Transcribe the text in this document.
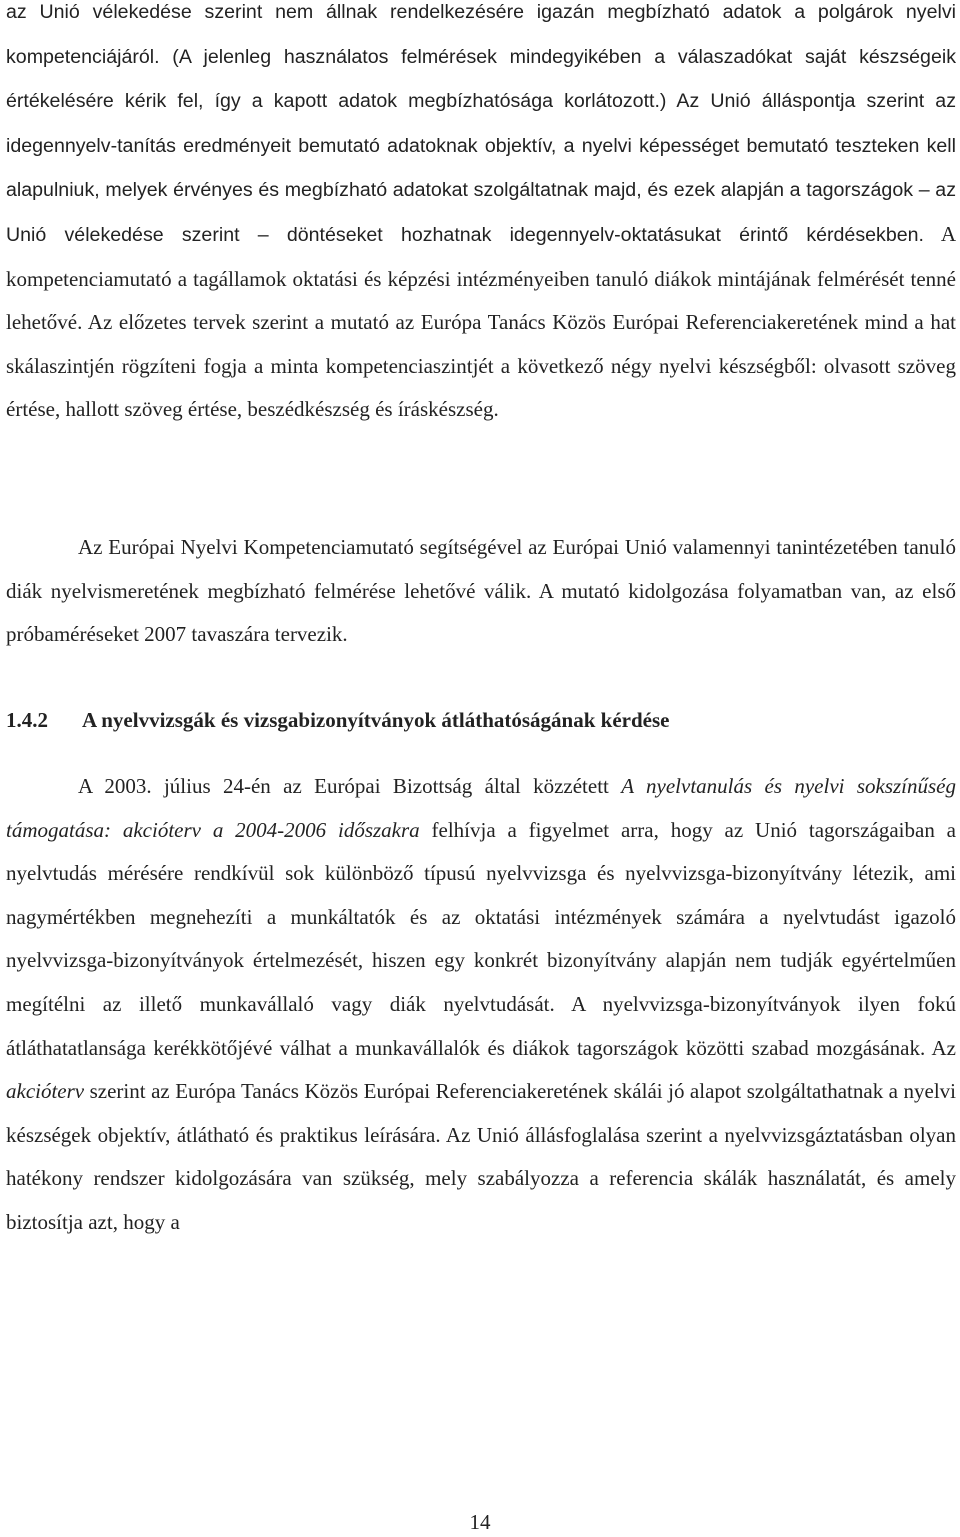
az Unió vélekedése szerint nem állnak rendelkezésére igazán megbízható adatok a polgárok nyelvi kompetenciájáról. (A jelenleg használatos felmérések mindegyikében a válaszadókat saját készségeik értékelésére kérik fel, így a kapott adatok megbízhatósága korlátozott.) Az Unió álláspontja szerint az idegennyelv-tanítás eredményeit bemutató adatoknak objektív, a nyelvi képességet bemutató teszteken kell alapulniuk, melyek érvényes és megbízható adatokat szolgáltatnak majd, és ezek alapján a tagországok – az Unió vélekedése szerint – döntéseket hozhatnak idegennyelv-oktatásukat érintő kérdésekben. A kompetenciamutató a tagállamok oktatási és képzési intézményeiben tanuló diákok mintájának felmérését tenné lehetővé. Az előzetes tervek szerint a mutató az Európa Tanács Közös Európai Referenciakeretének mind a hat skálaszintjén rögzíteni fogja a minta kompetenciaszintjét a következő négy nyelvi készségből: olvasott szöveg értése, hallott szöveg értése, beszédkészség és íráskészség.

Az Európai Nyelvi Kompetenciamutató segítségével az Európai Unió valamennyi tanintézetében tanuló diák nyelvismeretének megbízható felmérése lehetővé válik. A mutató kidolgozása folyamatban van, az első próbaméréseket 2007 tavaszára tervezik.

1.4.2 A nyelvvizsgák és vizsgabizonyítványok átláthatóságának kérdése

A 2003. július 24-én az Európai Bizottság által közzétett A nyelvtanulás és nyelvi sokszínűség támogatása: akcióterv a 2004-2006 időszakra felhívja a figyelmet arra, hogy az Unió tagországaiban a nyelvtudás mérésére rendkívül sok különböző típusú nyelvvizsga és nyelvvizsga-bizonyítvány létezik, ami nagymértékben megnehezíti a munkáltatók és az oktatási intézmények számára a nyelvtudást igazoló nyelvvizsga-bizonyítványok értelmezését, hiszen egy konkrét bizonyítvány alapján nem tudják egyértelműen megítélni az illető munkavállaló vagy diák nyelvtudását. A nyelvvizsga-bizonyítványok ilyen fokú átláthatatlansága kerékkötőjévé válhat a munkavállalók és diákok tagországok közötti szabad mozgásának. Az akcióterv szerint az Európa Tanács Közös Európai Referenciakeretének skálái jó alapot szolgáltathatnak a nyelvi készségek objektív, átlátható és praktikus leírására. Az Unió állásfoglalása szerint a nyelvvizsgáztatásban olyan hatékony rendszer kidolgozására van szükség, mely szabályozza a referencia skálák használatát, és amely biztosítja azt, hogy a

14
